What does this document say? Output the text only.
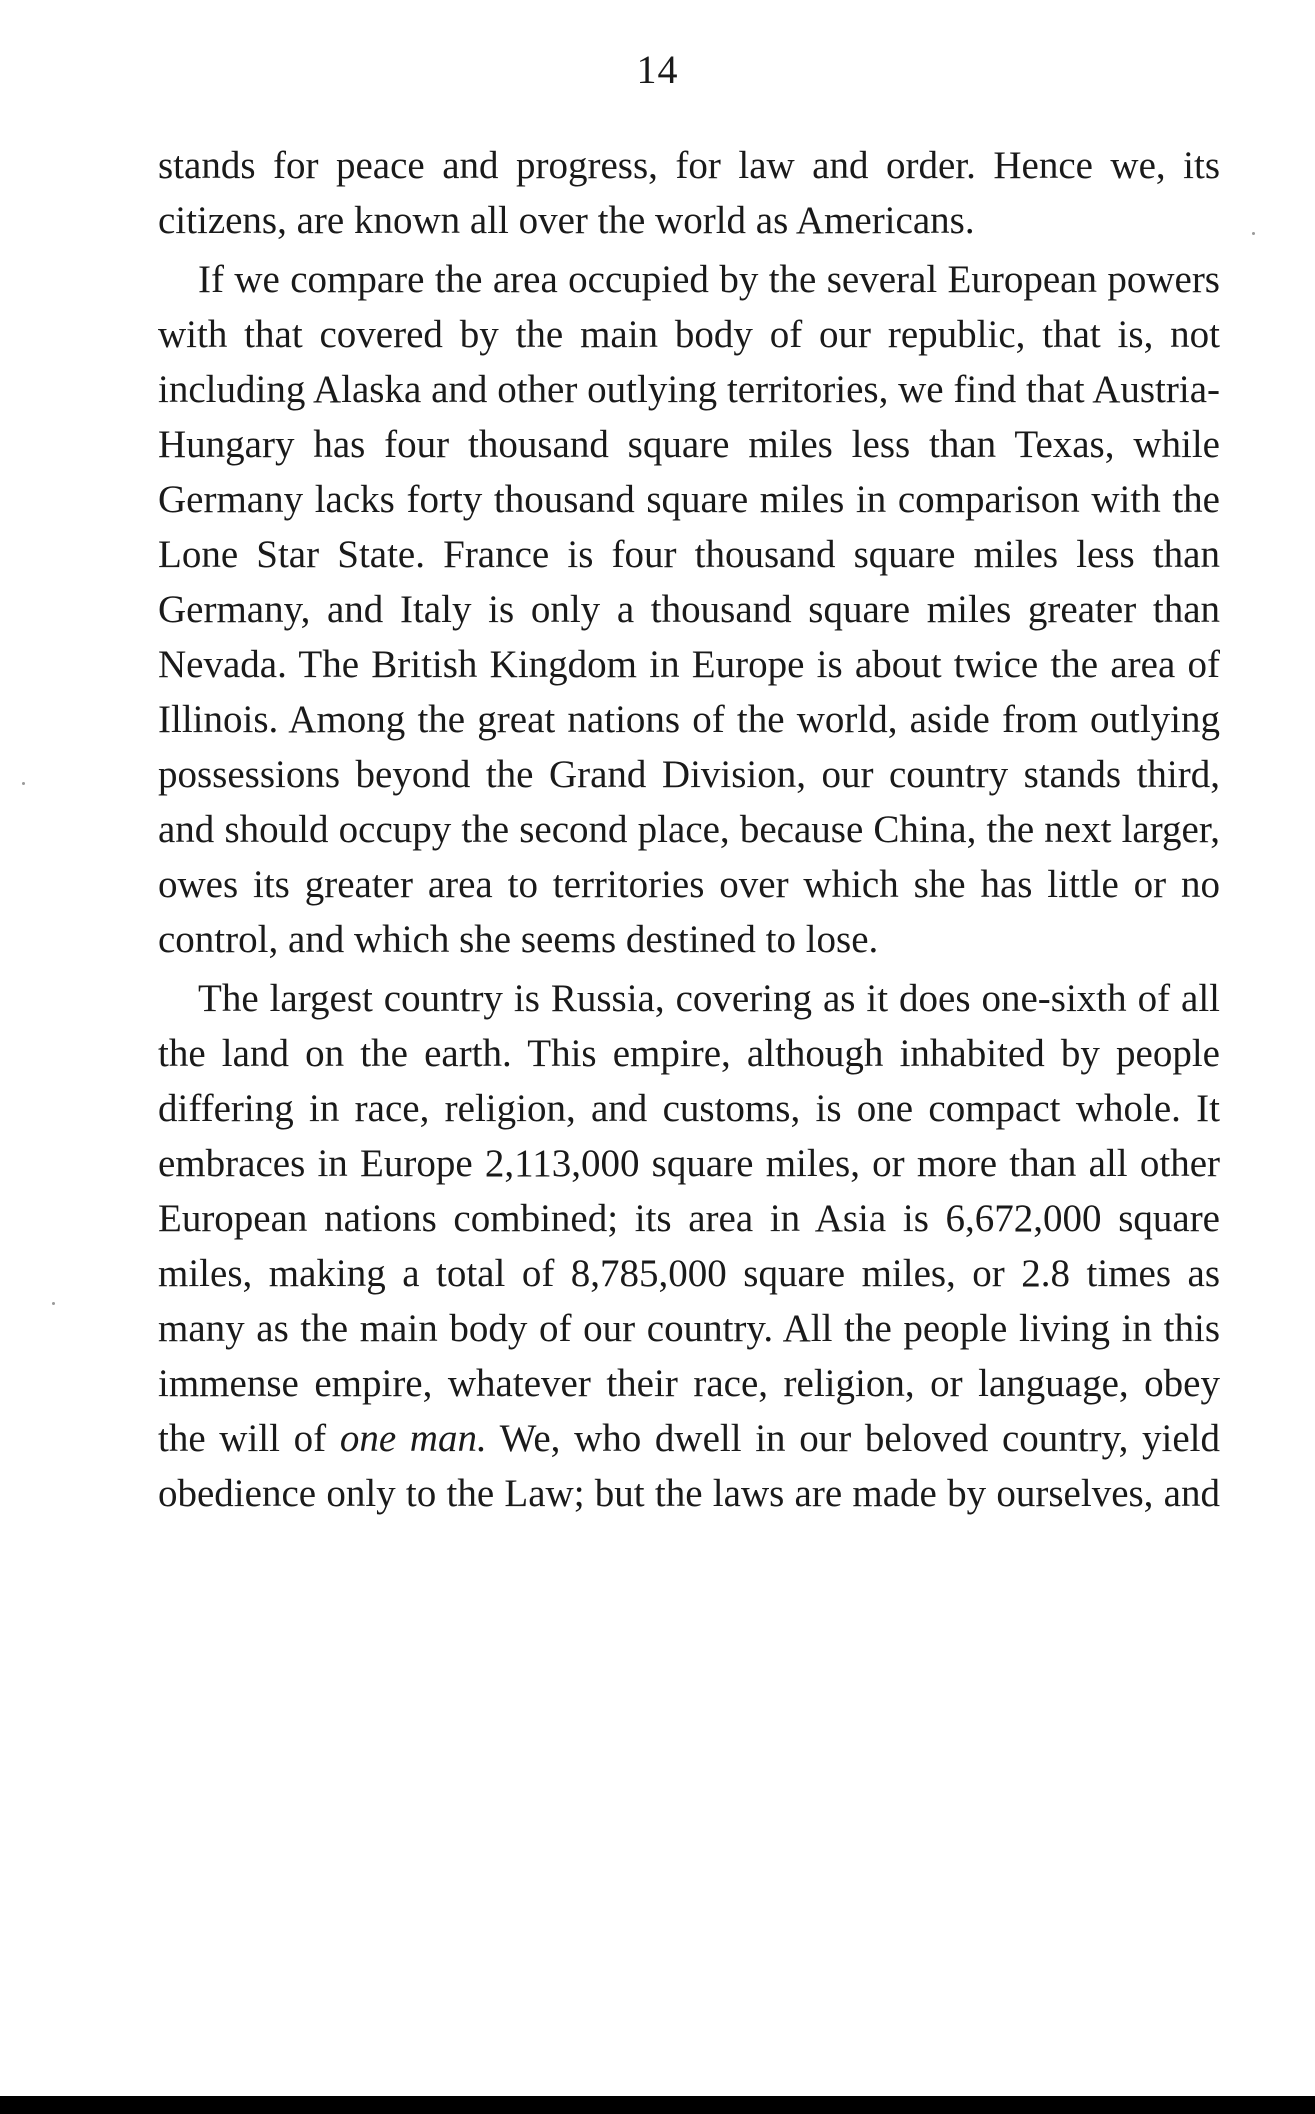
14

stands for peace and progress, for law and order. Hence we, its citizens, are known all over the world as Americans.

If we compare the area occupied by the several European powers with that covered by the main body of our republic, that is, not including Alaska and other outlying territories, we find that Austria-Hungary has four thousand square miles less than Texas, while Germany lacks forty thousand square miles in comparison with the Lone Star State. France is four thousand square miles less than Germany, and Italy is only a thousand square miles greater than Nevada. The British Kingdom in Europe is about twice the area of Illinois. Among the great nations of the world, aside from outlying possessions beyond the Grand Division, our country stands third, and should occupy the second place, because China, the next larger, owes its greater area to territories over which she has little or no control, and which she seems destined to lose.

The largest country is Russia, covering as it does one-sixth of all the land on the earth. This empire, although inhabited by people differing in race, religion, and customs, is one compact whole. It embraces in Europe 2,113,000 square miles, or more than all other European nations combined; its area in Asia is 6,672,000 square miles, making a total of 8,785,000 square miles, or 2.8 times as many as the main body of our country. All the people living in this immense empire, whatever their race, religion, or language, obey the will of one man. We, who dwell in our beloved country, yield obedience only to the Law; but the laws are made by ourselves, and
